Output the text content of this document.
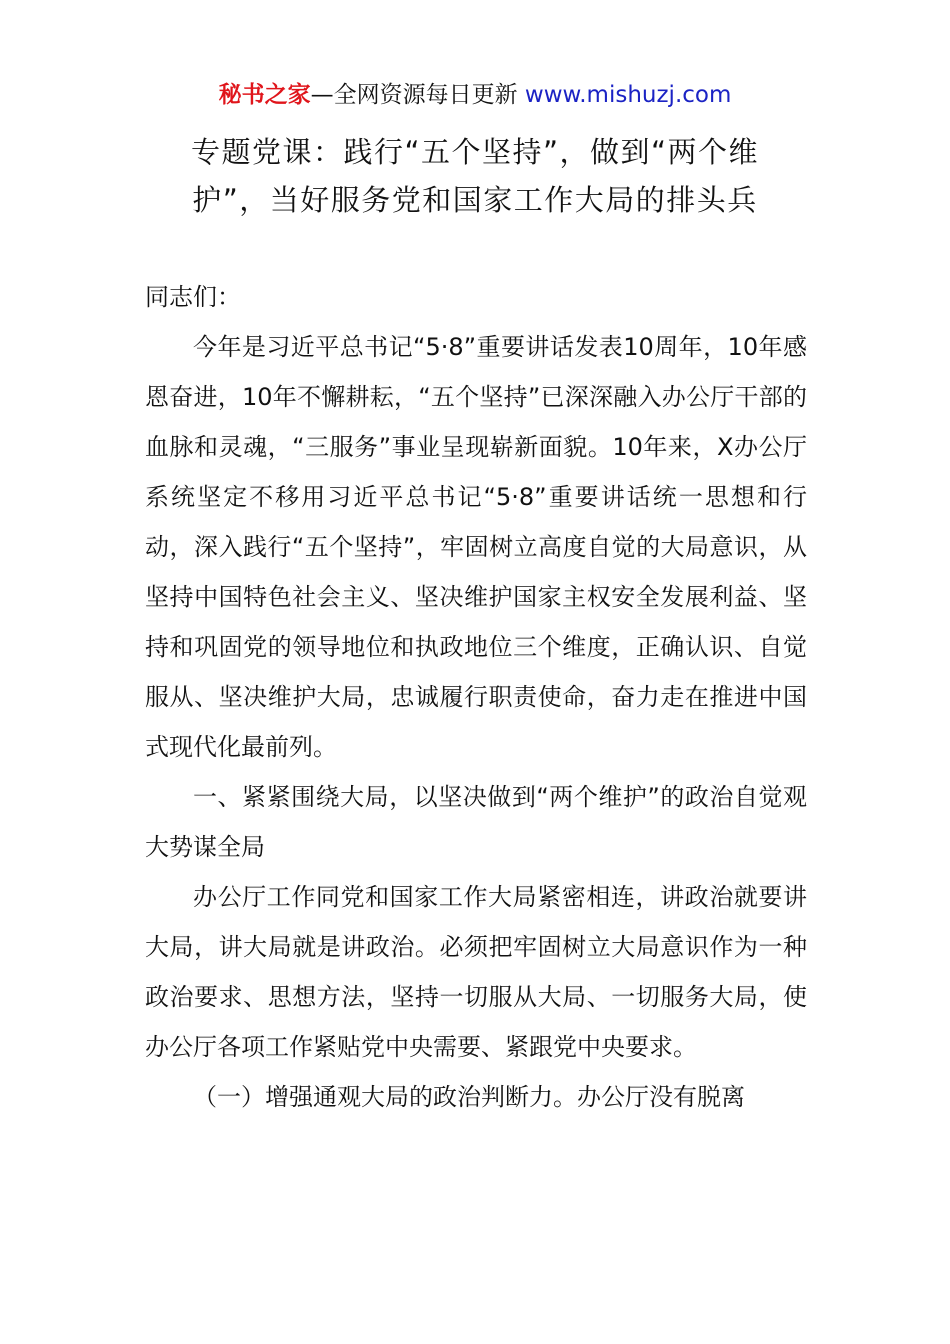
秘书之家—全网资源每日更新 www.mishuzj.com
专题党课：践行“五个坚持”，做到“两个维
护”，当好服务党和国家工作大局的排头兵

同志们：

今年是习近平总书记“5·8”重要讲话发表10周年，10年感恩奋进，10年不懈耕耘，“五个坚持”已深深融入办公厅干部的血脉和灵魂，“三服务”事业呈现崭新面貌。10年来，X办公厅系统坚定不移用习近平总书记“5·8”重要讲话统一思想和行动，深入践行“五个坚持”，牢固树立高度自觉的大局意识，从坚持中国特色社会主义、坚决维护国家主权安全发展利益、坚持和巩固党的领导地位和执政地位三个维度，正确认识、自觉服从、坚决维护大局，忠诚履行职责使命，奋力走在推进中国式现代化最前列。

一、紧紧围绕大局，以坚决做到“两个维护”的政治自觉观大势谋全局

办公厅工作同党和国家工作大局紧密相连，讲政治就要讲大局，讲大局就是讲政治。必须把牢固树立大局意识作为一种政治要求、思想方法，坚持一切服从大局、一切服务大局，使办公厅各项工作紧贴党中央需要、紧跟党中央要求。

（一）增强通观大局的政治判断力。办公厅没有脱离
